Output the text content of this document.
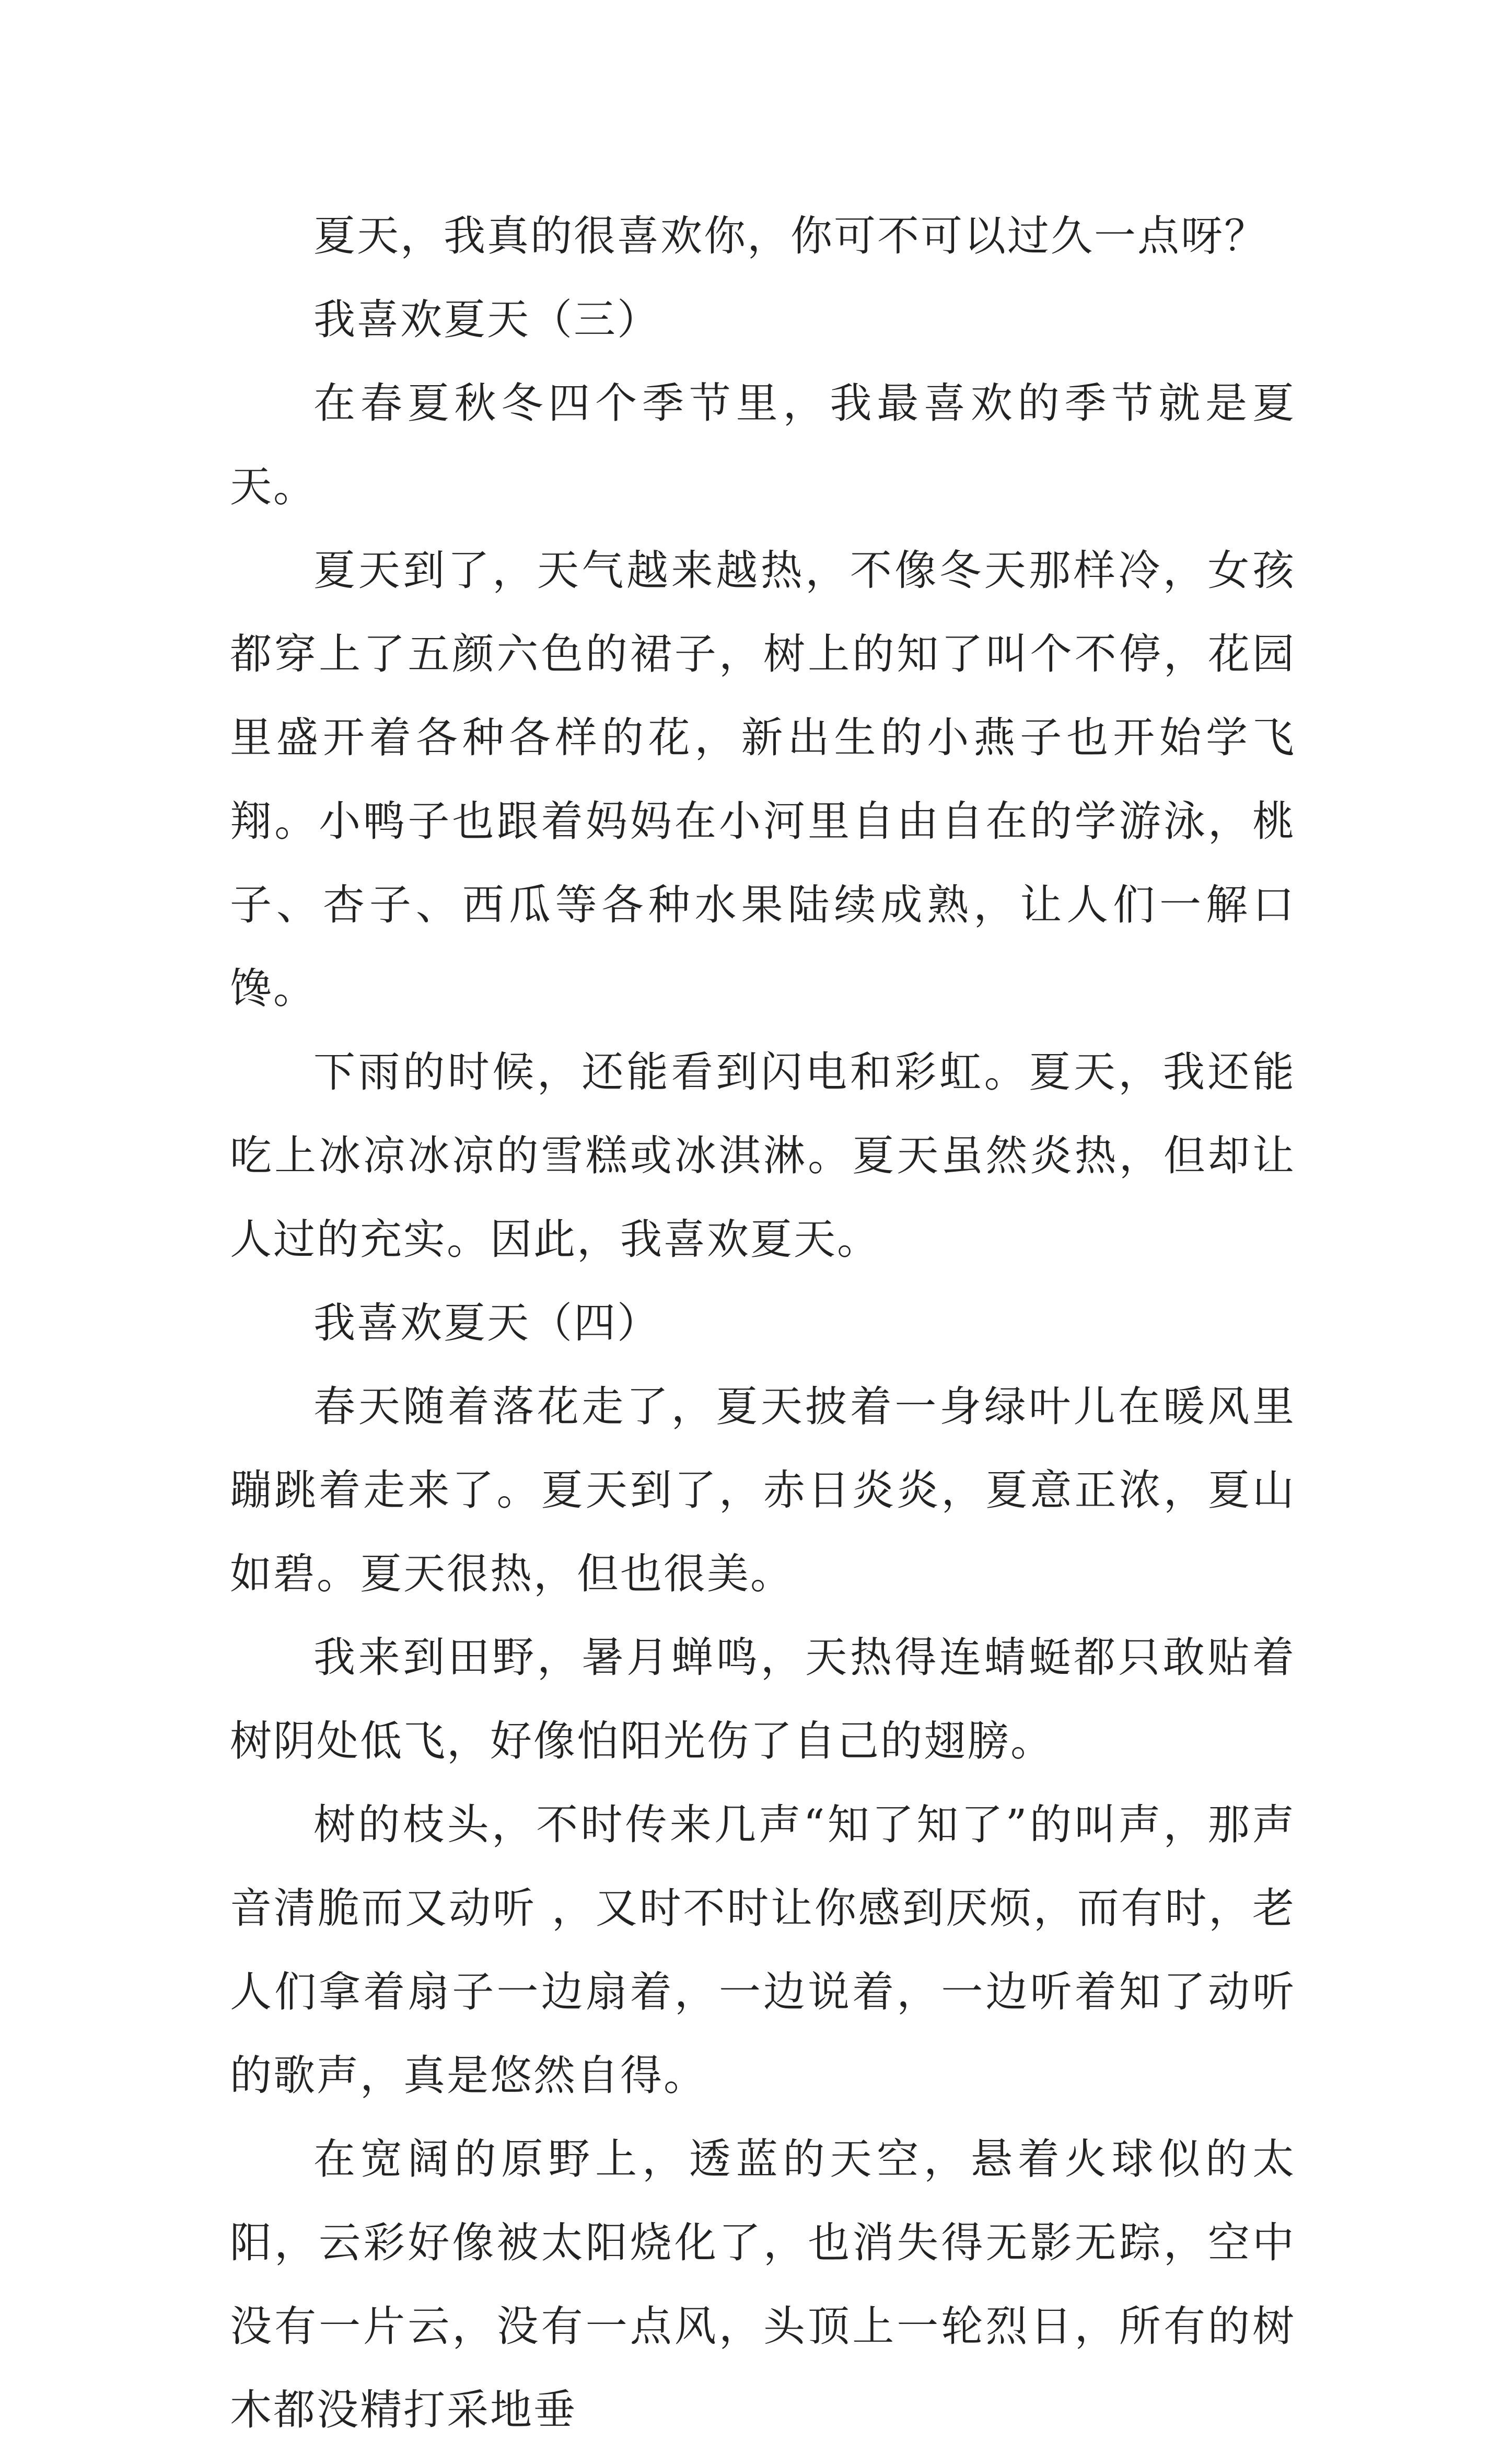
夏天，我真的很喜欢你，你可不可以过久一点呀？

我喜欢夏天（三）

在春夏秋冬四个季节里，我最喜欢的季节就是夏天。

夏天到了，天气越来越热，不像冬天那样冷，女孩都穿上了五颜六色的裙子，树上的知了叫个不停，花园里盛开着各种各样的花，新出生的小燕子也开始学飞翔。小鸭子也跟着妈妈在小河里自由自在的学游泳，桃子、杏子、西瓜等各种水果陆续成熟，让人们一解口馋。

下雨的时候，还能看到闪电和彩虹。夏天，我还能吃上冰凉冰凉的雪糕或冰淇淋。夏天虽然炎热，但却让人过的充实。因此，我喜欢夏天。

我喜欢夏天（四）

春天随着落花走了，夏天披着一身绿叶儿在暖风里蹦跳着走来了。夏天到了，赤日炎炎，夏意正浓，夏山如碧。夏天很热，但也很美。

我来到田野，暑月蝉鸣，天热得连蜻蜓都只敢贴着树阴处低飞，好像怕阳光伤了自己的翅膀。

树的枝头，不时传来几声“知了知了”的叫声，那声音清脆而又动听 ，又时不时让你感到厌烦，而有时，老人们拿着扇子一边扇着，一边说着，一边听着知了动听的歌声，真是悠然自得。

在宽阔的原野上，透蓝的天空，悬着火球似的太阳，云彩好像被太阳烧化了，也消失得无影无踪，空中没有一片云，没有一点风，头顶上一轮烈日，所有的树木都没精打采地垂
